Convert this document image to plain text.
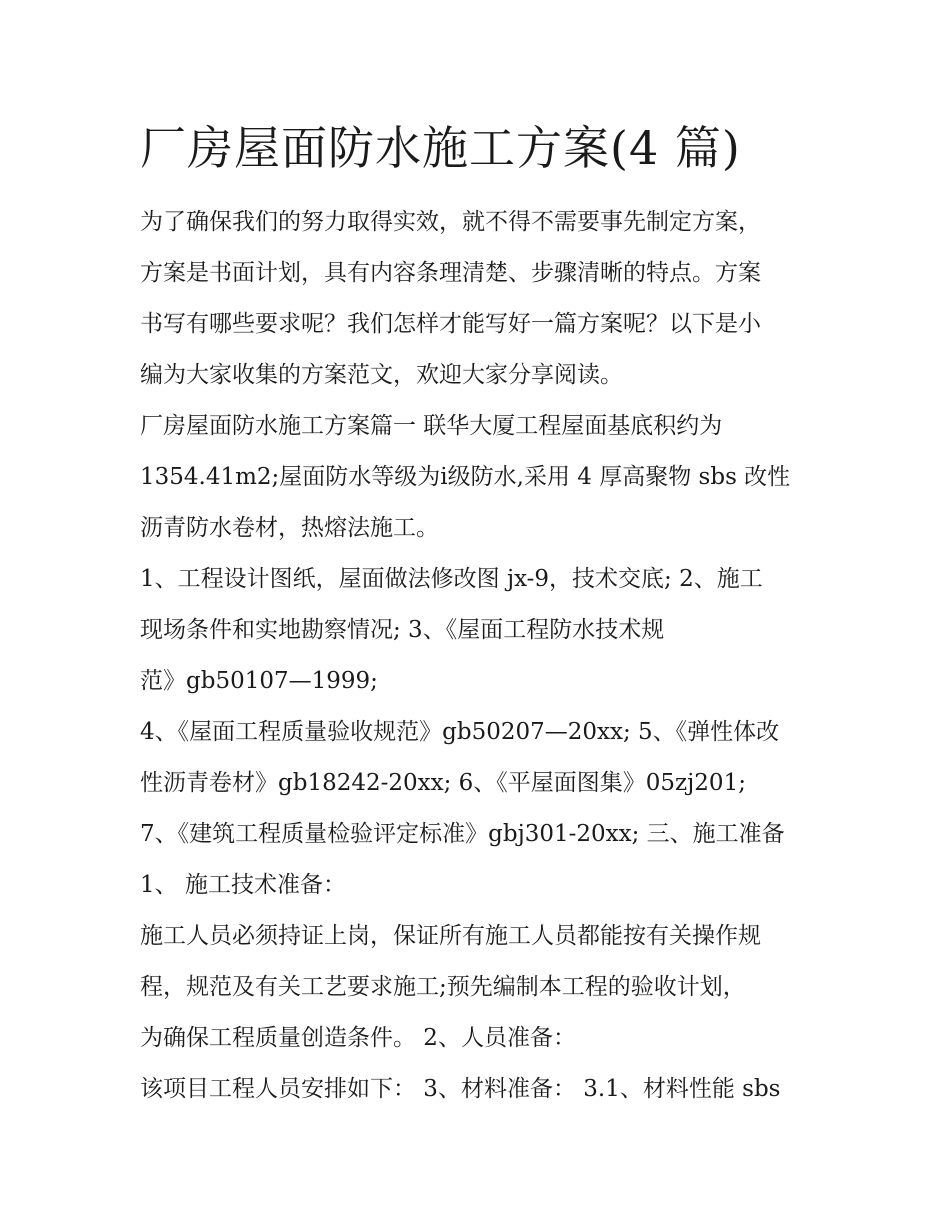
厂房屋面防水施工方案(4 篇)

为了确保我们的努力取得实效，就不得不需要事先制定方案，

方案是书面计划，具有内容条理清楚、步骤清晰的特点。方案

书写有哪些要求呢？我们怎样才能写好一篇方案呢？以下是小

编为大家收集的方案范文，欢迎大家分享阅读。

厂房屋面防水施工方案篇一 联华大厦工程屋面基底积约为

1354.41m2;屋面防水等级为ⅰ级防水,采用 4 厚高聚物 sbs 改性

沥青防水卷材，热熔法施工。

1、工程设计图纸，屋面做法修改图 jx-9，技术交底; 2、施工

现场条件和实地勘察情况; 3、《屋面工程防水技术规

范》gb50107—1999;

4、《屋面工程质量验收规范》gb50207—20xx; 5、《弹性体改

性沥青卷材》gb18242-20xx; 6、《平屋面图集》05zj201;

7、《建筑工程质量检验评定标准》gbj301-20xx; 三、施工准备

1、 施工技术准备：

施工人员必须持证上岗，保证所有施工人员都能按有关操作规

程，规范及有关工艺要求施工;预先编制本工程的验收计划，

为确保工程质量创造条件。 2、人员准备：

该项目工程人员安排如下： 3、材料准备： 3.1、材料性能 sbs
